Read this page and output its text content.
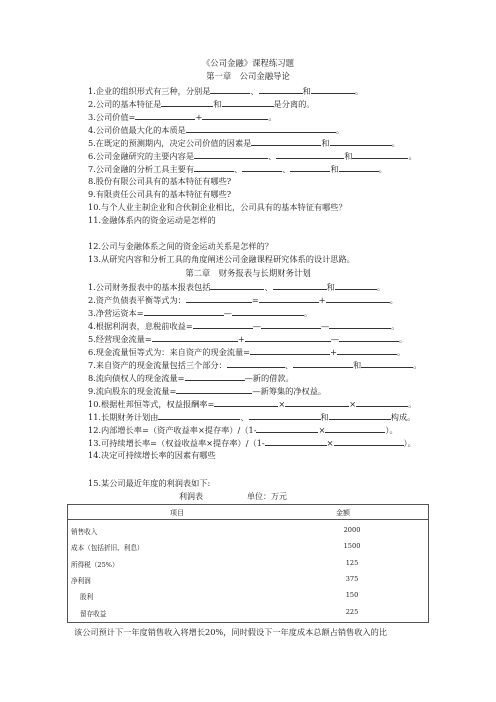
《公司金融》课程练习题
第一章　公司金融导论
1.企业的组织形式有三种，分别是	、	和	。
2.公司的基本特征是	和	是分离的。
3.公司价值=	+	。
4.公司价值最大化的本质是	。
5.在既定的预测期内，决定公司价值的因素是	和	。
6.公司金融研究的主要内容是	、	和	。
7.公司金融的分析工具主要有	、	、	和	。
8.股份有限公司具有的基本特征有哪些?
9.有限责任公司具有的基本特征有哪些?
10.与个人业主制企业和合伙制企业相比，公司具有的基本特征有哪些？
11.金融体系内的资金运动是怎样的
12.公司与金融体系之间的资金运动关系是怎样的？
13.从研究内容和分析工具的角度阐述公司金融课程研究体系的设计思路。
第二章　财务报表与长期财务计划
1.公司财务报表中的基本报表包括	、	和	。
2.资产负债表平衡等式为：	=	+	。
3.净营运资本=	—	。
4.根据利润表，息税前收益=	—	—	。
5.经营现金流量=	+	—	。
6.现金流量恒等式为：来自资产的现金流量=	+	。
7.来自资产的现金流量包括三个部分：	、	和	。
8.流向债权人的现金流量=	—新的借款。
9.流向股东的现金流量=	—新筹集的净权益。
10.根据杜邦恒等式，权益报酬率=	×	×	。
11.长期财务计划由	、	和	构成。
12.内部增长率=（资产收益率×提存率）/（1-	×	）。
13.可持续增长率=（权益收益率×提存率）/（1-	×	）。
14.决定可持续增长率的因素有哪些
15.某公司最近年度的利润表如下:
利润表	单位：万元
项目	金额
销售收入	2000
成本（包括折旧、利息）	1500
所得税（25%）	125
净利润	375
股利	150
留存收益	225
该公司预计下一年度销售收入将增长20%，同时假设下一年度成本总额占销售收入的比
